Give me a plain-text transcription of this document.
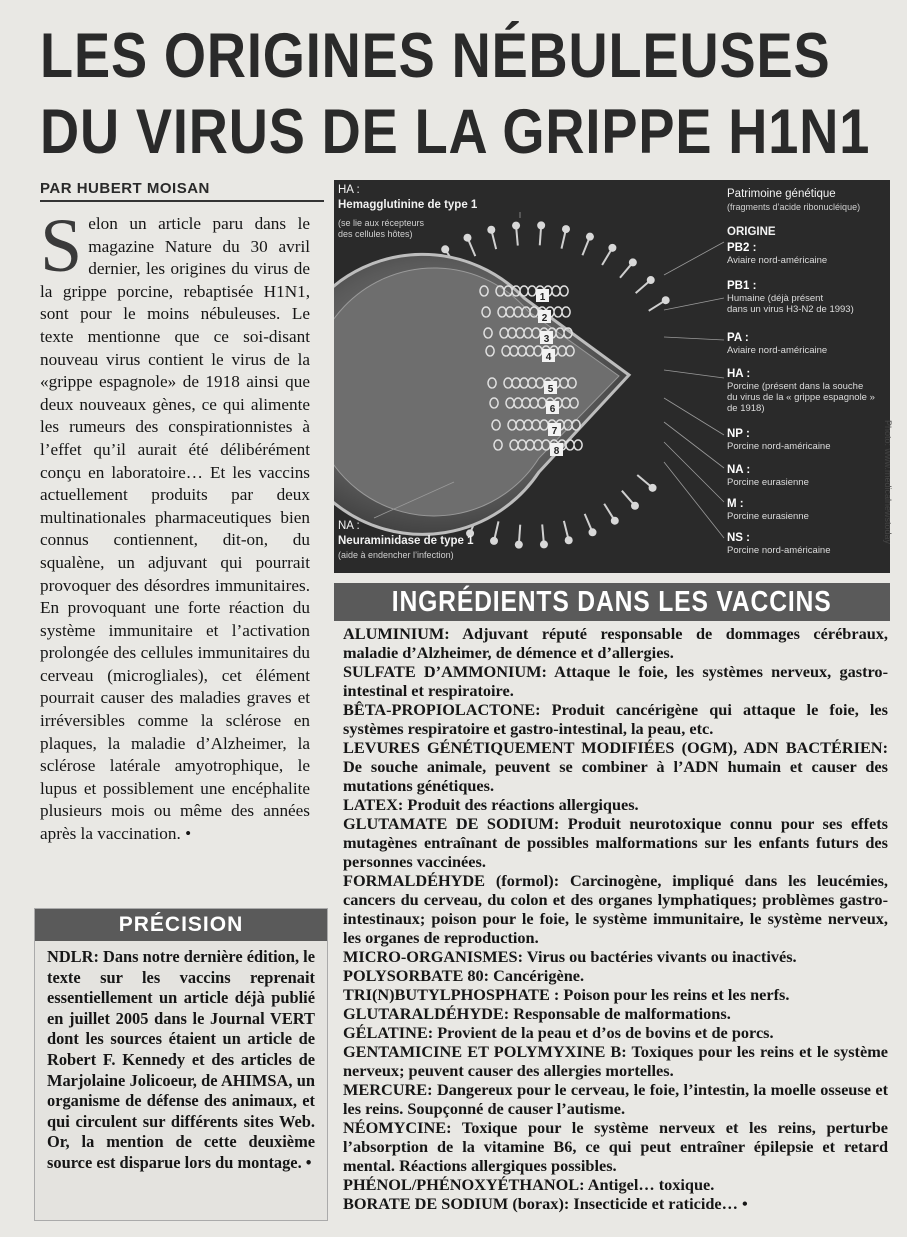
LES ORIGINES NÉBULEUSES
DU VIRUS DE LA GRIPPE H1N1
PAR HUBERT MOISAN
S elon un article paru dans le magazine Nature du 30 avril dernier, les origines du virus de la grippe porcine, rebaptisée H1N1, sont pour le moins nébuleuses. Le texte mentionne que ce soi-disant nouveau virus contient le virus de la «grippe espagnole» de 1918 ainsi que deux nouveaux gènes, ce qui alimente les rumeurs des conspirationnistes à l’effet qu’il aurait été délibérément conçu en laboratoire… Et les vaccins actuellement produits par deux multinationales pharmaceutiques bien connus contiennent, dit-on, du squalène, un adjuvant qui pourrait provoquer des désordres immunitaires. En provoquant une forte réaction du système immunitaire et l’activation prolongée des cellules immunitaires du cerveau (microgliales), cet élément pourrait causer des maladies graves et irréversibles comme la sclérose en plaques, la maladie d’Alzheimer, la sclérose latérale amyotrophique, le lupus et possiblement une encéphalite plusieurs mois ou même des années après la vaccination. •
PRÉCISION
NDLR: Dans notre dernière édition, le texte sur les vaccins reprenait essentiellement un article déjà publié en juillet 2005 dans le Journal VERT dont les sources étaient un article de Robert F. Kennedy et des articles de Marjolaine Jolicoeur, de AHIMSA, un organisme de défense des animaux, et qui circulent sur différents sites Web. Or, la mention de cette deuxième source est disparue lors du montage. •
1
2
3
4
5
6
7
8
HA :
Hemagglutinine de type 1
(se lie aux récepteurs
des cellules hôtes)
NA :
Neuraminidase de type 1
(aide à endencher l’infection)
Patrimoine génétique
(fragments d’acide ribonucléique)
ORIGINE
PB2 :
Aviaire nord-américaine
PB1 :
Humaine (déjà présent
dans un virus H3-N2 de 1993)
PA :
Aviaire nord-américaine
HA :
Porcine (présent dans la souche
du virus de la « grippe espagnole »
de 1918)
NP :
Porcine nord-américaine
NA :
Porcine eurasienne
M :
Porcine eurasienne
NS :
Porcine nord-américaine
Photo: www.medicalnewstoday
INGRÉDIENTS DANS LES VACCINS

ALUMINIUM: Adjuvant réputé responsable de dommages cérébraux, maladie d’Alzheimer, de démence et d’allergies.

SULFATE D’AMMONIUM: Attaque le foie, les systèmes nerveux, gastro-intestinal et respiratoire.

BÊTA-PROPIOLACTONE: Produit cancérigène qui attaque le foie, les systèmes respiratoire et gastro-intestinal, la peau, etc.

LEVURES GÉNÉTIQUEMENT MODIFIÉES (OGM), ADN BACTÉRIEN: De souche animale, peuvent se combiner à l’ADN humain et causer des mutations génétiques.

LATEX: Produit des réactions allergiques.

GLUTAMATE DE SODIUM: Produit neurotoxique connu pour ses effets mutagènes entraînant de possibles malformations sur les enfants futurs des personnes vaccinées.

FORMALDÉHYDE (formol): Carcinogène, impliqué dans les leucémies, cancers du cerveau, du colon et des organes lymphatiques; problèmes gastro-intestinaux; poison pour le foie, le système immunitaire, le système nerveux, les organes de reproduction.

MICRO-ORGANISMES: Virus ou bactéries vivants ou inactivés.

POLYSORBATE 80: Cancérigène.

TRI(N)BUTYLPHOSPHATE : Poison pour les reins et les nerfs.

GLUTARALDÉHYDE: Responsable de malformations.

GÉLATINE: Provient de la peau et d’os de bovins et de porcs.

GENTAMICINE ET POLYMYXINE B: Toxiques pour les reins et le système nerveux; peuvent causer des allergies mortelles.

MERCURE: Dangereux pour le cerveau, le foie, l’intestin, la moelle osseuse et les reins. Soupçonné de causer l’autisme.

NÉOMYCINE: Toxique pour le système nerveux et les reins, perturbe l’absorption de la vitamine B6, ce qui peut entraîner épilepsie et retard mental. Réactions allergiques possibles.

PHÉNOL/PHÉNOXYÉTHANOL: Antigel… toxique.

BORATE DE SODIUM (borax): Insecticide et raticide… •
